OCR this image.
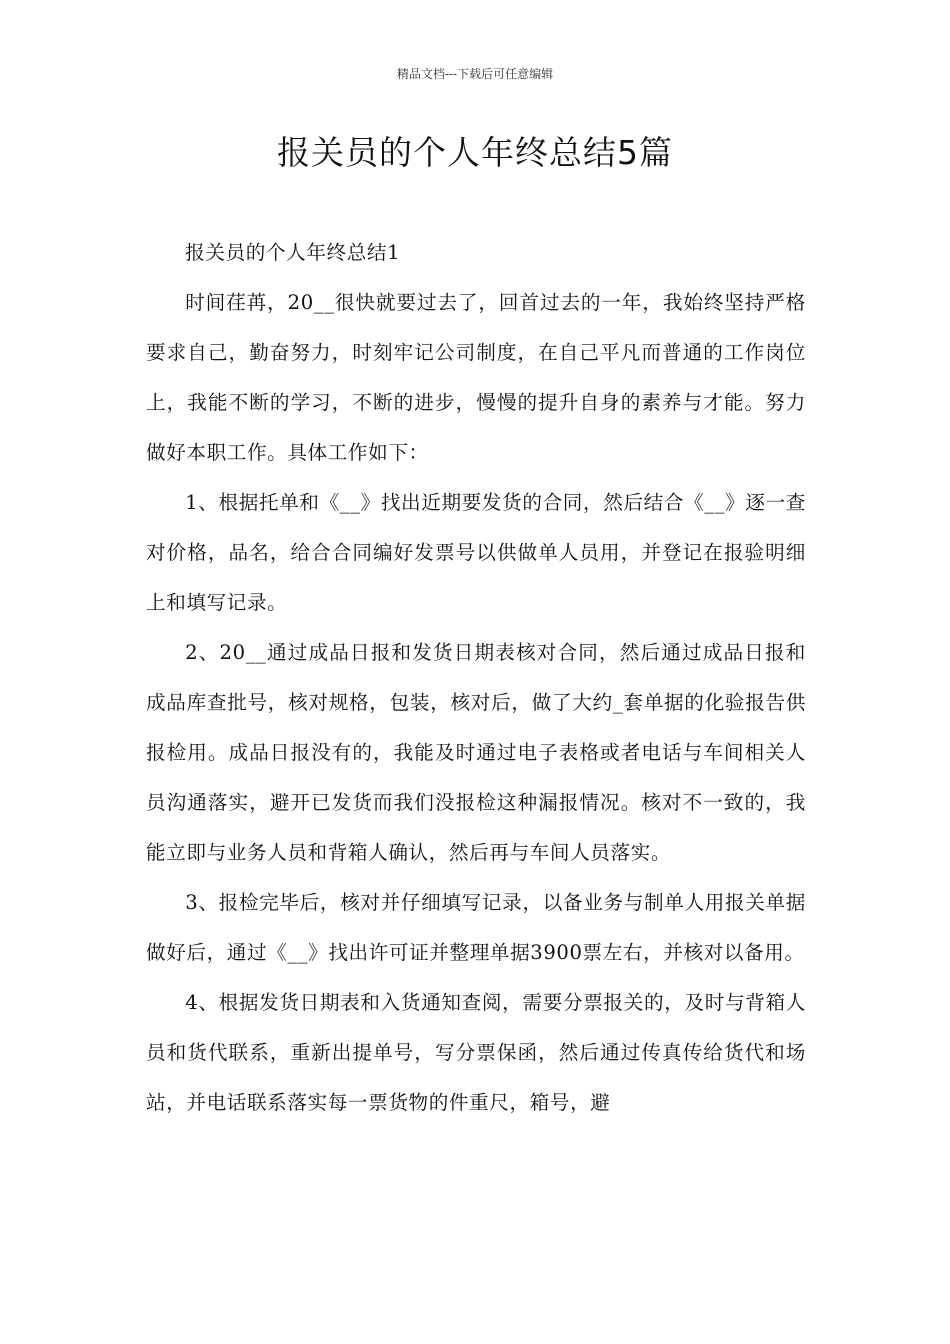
精品文档---下载后可任意编辑
报关员的个人年终总结5篇

报关员的个人年终总结1

时间荏苒，20__很快就要过去了，回首过去的一年，我始终坚持严格要求自己，勤奋努力，时刻牢记公司制度，在自己平凡而普通的工作岗位上，我能不断的学习，不断的进步，慢慢的提升自身的素养与才能。努力做好本职工作。具体工作如下：

1、根据托单和《__》找出近期要发货的合同，然后结合《__》逐一查对价格，品名，给合合同编好发票号以供做单人员用，并登记在报验明细上和填写记录。

2、20__通过成品日报和发货日期表核对合同，然后通过成品日报和成品库查批号，核对规格，包装，核对后，做了大约_套单据的化验报告供报检用。成品日报没有的，我能及时通过电子表格或者电话与车间相关人员沟通落实，避开已发货而我们没报检这种漏报情况。核对不一致的，我能立即与业务人员和背箱人确认，然后再与车间人员落实。

3、报检完毕后，核对并仔细填写记录，以备业务与制单人用报关单据做好后，通过《__》找出许可证并整理单据3900票左右，并核对以备用。

4、根据发货日期表和入货通知查阅，需要分票报关的，及时与背箱人员和货代联系，重新出提单号，写分票保函，然后通过传真传给货代和场站，并电话联系落实每一票货物的件重尺，箱号，避
